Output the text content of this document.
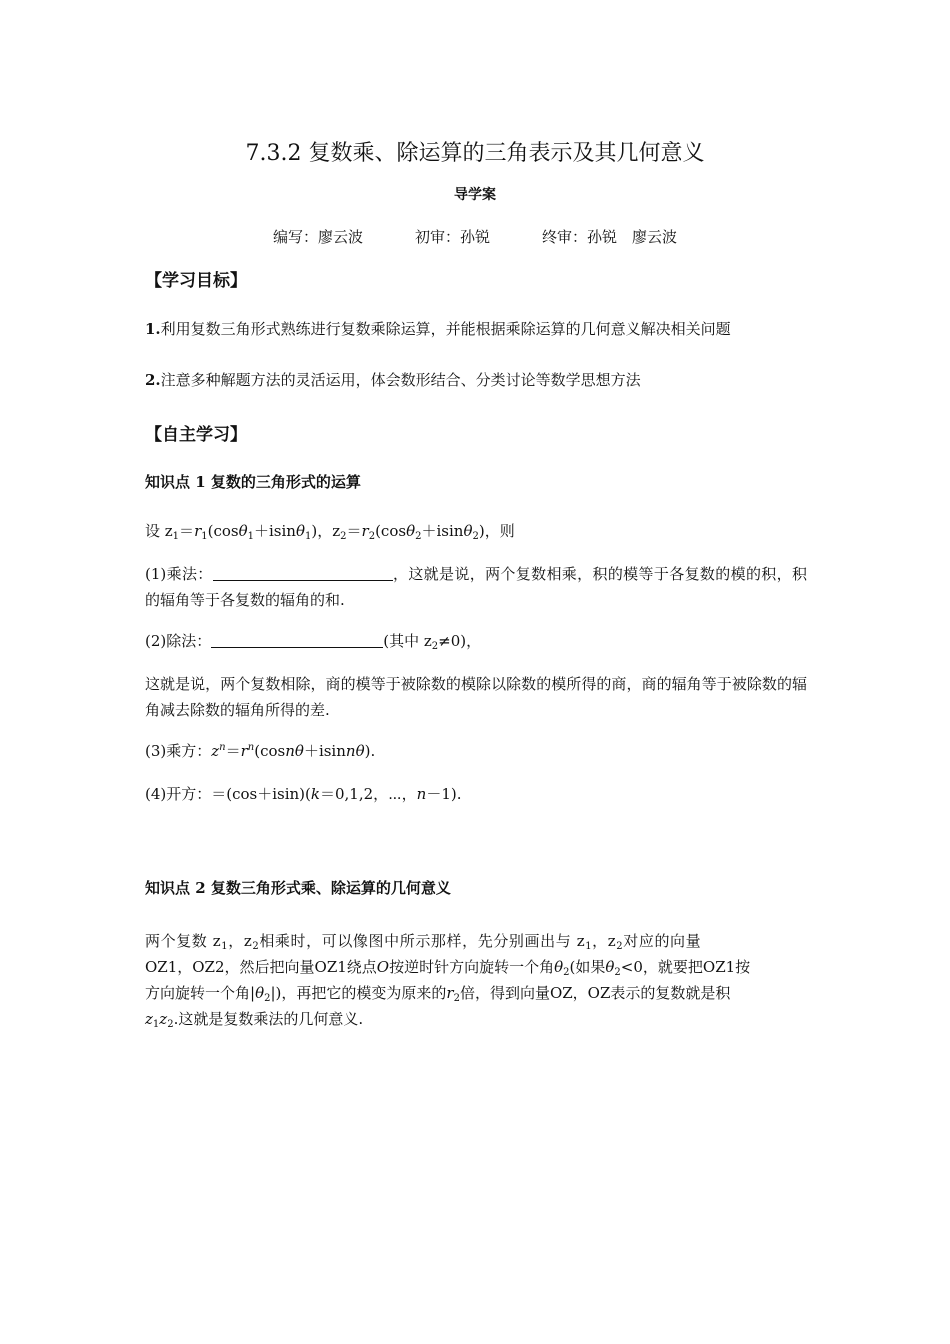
7.3.2 复数乘、除运算的三角表示及其几何意义
导学案
编写：廖云波	初审：孙锐	终审：孙锐　廖云波
【学习目标】
1.利用复数三角形式熟练进行复数乘除运算，并能根据乘除运算的几何意义解决相关问题
2.注意多种解题方法的灵活运用，体会数形结合、分类讨论等数学思想方法
【自主学习】
知识点 1 复数的三角形式的运算
设 $z_1=r_1(\cos\theta_1+isin\theta_1)$，$z_2=r_2(\cos\theta_2+isin\theta_2)$，则
(1)乘法：	，这就是说，两个复数相乘，积的模等于各复数的模的积，积的辐角等于各复数的辐角的和.
(2)除法：	(其中 $z_2\ne 0$)，
这就是说，两个复数相除，商的模等于被除数的模除以除数的模所得的商，商的辐角等于被除数的辐角减去除数的辐角所得的差.
(3)乘方：$z^n=r^n(\cos n\theta+isinn\theta)$.
(4)开方：＝(cos＋isin)(k＝0,1,2，⋯，n－1).
知识点 2 复数三角形式乘、除运算的几何意义
两个复数 $z_1$，$z_2$相乘时，可以像图中所示那样，先分别画出与 $z_1$，$z_2$对应的向量
OZ1，OZ2，然后把向量OZ1绕点O按逆时针方向旋转一个角$\theta_2$(如果$\theta_2<0$，就要把OZ1按
方向旋转一个角$|\theta_2|$)，再把它的模变为原来的$r_2$倍，得到向量OZ，OZ表示的复数就是积
$z_1z_2$.这就是复数乘法的几何意义.
